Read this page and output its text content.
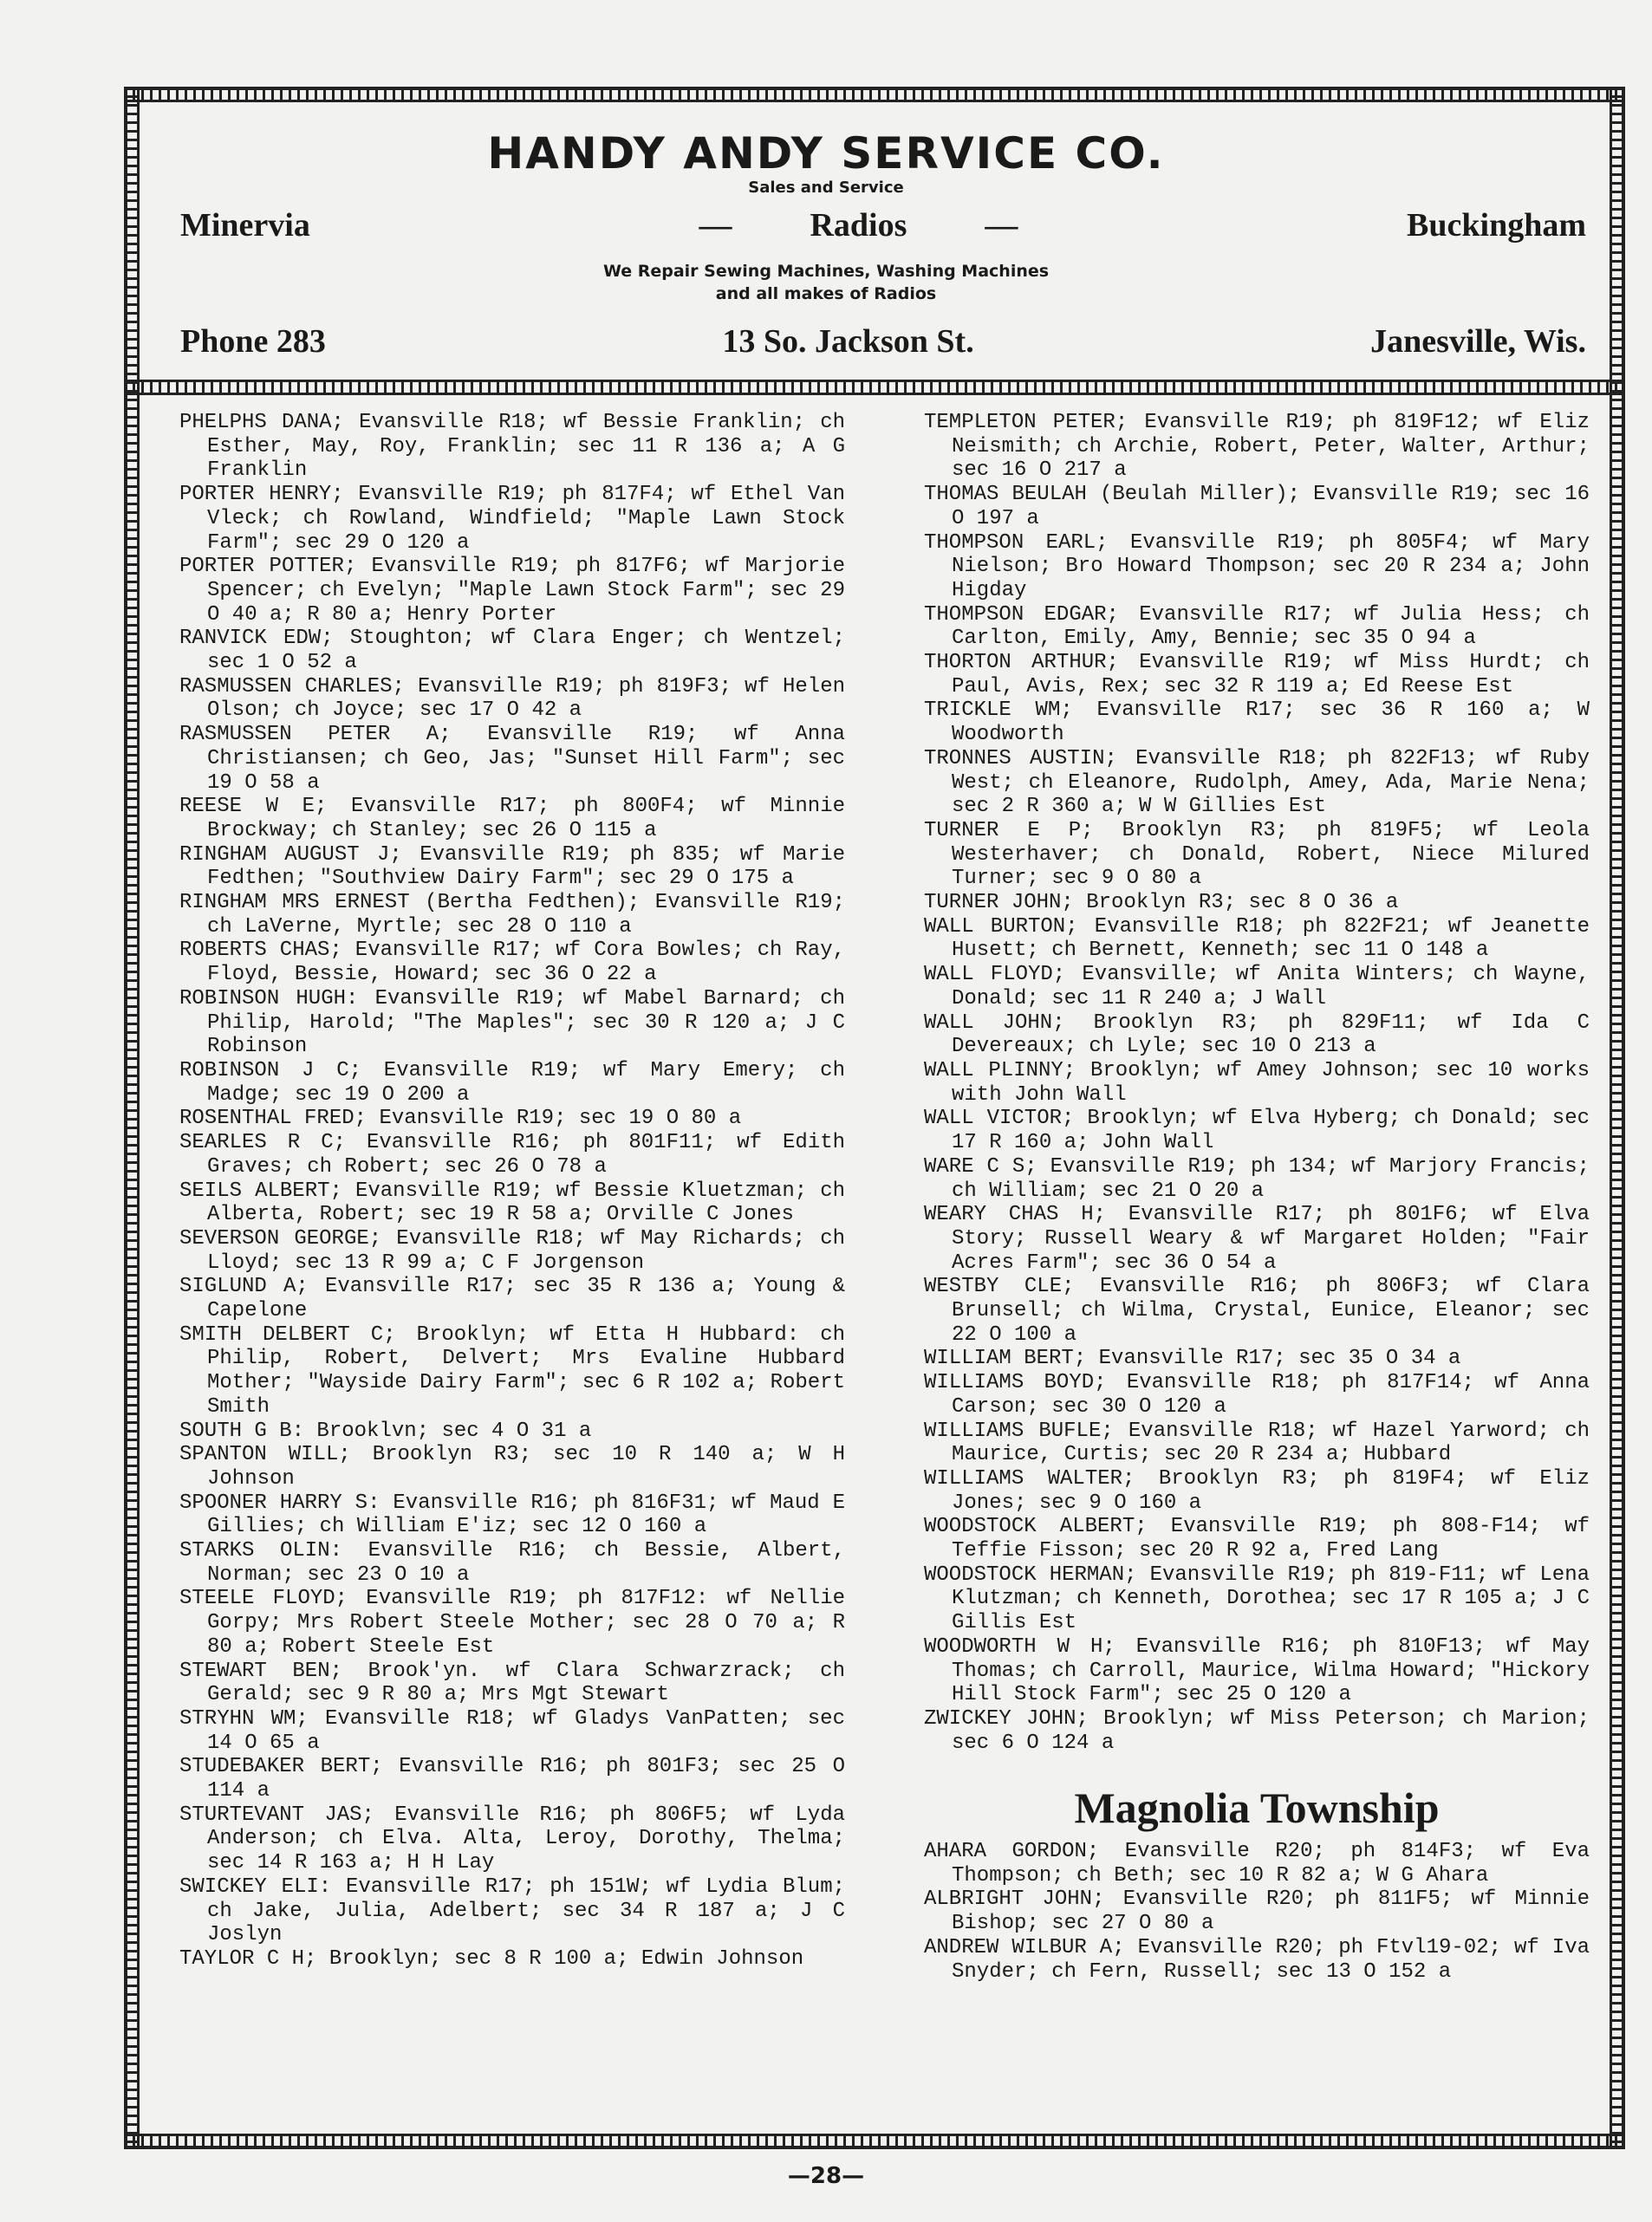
HANDY ANDY SERVICE CO.
Sales and Service
Minervia	— Radios —	Buckingham
We Repair Sewing Machines, Washing Machines
and all makes of Radios
Phone 283	13 So. Jackson St.	Janesville, Wis.

PHELPHS DANA; Evansville R18; wf Bessie Franklin; ch Esther, May, Roy, Franklin; sec 11 R 136 a; A G Franklin

PORTER HENRY; Evansville R19; ph 817F4; wf Ethel Van Vleck; ch Rowland, Windfield; "Maple Lawn Stock Farm"; sec 29 O 120 a

PORTER POTTER; Evansville R19; ph 817F6; wf Marjorie Spencer; ch Evelyn; "Maple Lawn Stock Farm"; sec 29 O 40 a; R 80 a; Henry Porter

RANVICK EDW; Stoughton; wf Clara Enger; ch Wentzel; sec 1 O 52 a

RASMUSSEN CHARLES; Evansville R19; ph 819F3; wf Helen Olson; ch Joyce; sec 17 O 42 a

RASMUSSEN PETER A; Evansville R19; wf Anna Christiansen; ch Geo, Jas; "Sunset Hill Farm"; sec 19 O 58 a

REESE W E; Evansville R17; ph 800F4; wf Minnie Brockway; ch Stanley; sec 26 O 115 a

RINGHAM AUGUST J; Evansville R19; ph 835; wf Marie Fedthen; "Southview Dairy Farm"; sec 29 O 175 a

RINGHAM MRS ERNEST (Bertha Fedthen); Evansville R19; ch LaVerne, Myrtle; sec 28 O 110 a

ROBERTS CHAS; Evansville R17; wf Cora Bowles; ch Ray, Floyd, Bessie, Howard; sec 36 O 22 a

ROBINSON HUGH: Evansville R19; wf Mabel Barnard; ch Philip, Harold; "The Maples"; sec 30 R 120 a; J C Robinson

ROBINSON J C; Evansville R19; wf Mary Emery; ch Madge; sec 19 O 200 a

ROSENTHAL FRED; Evansville R19; sec 19 O 80 a

SEARLES R C; Evansville R16; ph 801F11; wf Edith Graves; ch Robert; sec 26 O 78 a

SEILS ALBERT; Evansville R19; wf Bessie Kluetzman; ch Alberta, Robert; sec 19 R 58 a; Orville C Jones

SEVERSON GEORGE; Evansville R18; wf May Richards; ch Lloyd; sec 13 R 99 a; C F Jorgenson

SIGLUND A; Evansville R17; sec 35 R 136 a; Young & Capelone

SMITH DELBERT C; Brooklyn; wf Etta H Hubbard: ch Philip, Robert, Delvert; Mrs Evaline Hubbard Mother; "Wayside Dairy Farm"; sec 6 R 102 a; Robert Smith

SOUTH G B: Brooklvn; sec 4 O 31 a

SPANTON WILL; Brooklyn R3; sec 10 R 140 a; W H Johnson

SPOONER HARRY S: Evansville R16; ph 816F31; wf Maud E Gillies; ch William E'iz; sec 12 O 160 a

STARKS OLIN: Evansville R16; ch Bessie, Albert, Norman; sec 23 O 10 a

STEELE FLOYD; Evansville R19; ph 817F12: wf Nellie Gorpy; Mrs Robert Steele Mother; sec 28 O 70 a; R 80 a; Robert Steele Est

STEWART BEN; Brook'yn. wf Clara Schwarzrack; ch Gerald; sec 9 R 80 a; Mrs Mgt Stewart

STRYHN WM; Evansville R18; wf Gladys VanPatten; sec 14 O 65 a

STUDEBAKER BERT; Evansville R16; ph 801F3; sec 25 O 114 a

STURTEVANT JAS; Evansville R16; ph 806F5; wf Lyda Anderson; ch Elva. Alta, Leroy, Dorothy, Thelma; sec 14 R 163 a; H H Lay

SWICKEY ELI: Evansville R17; ph 151W; wf Lydia Blum; ch Jake, Julia, Adelbert; sec 34 R 187 a; J C Joslyn

TAYLOR C H; Brooklyn; sec 8 R 100 a; Edwin Johnson

TEMPLETON PETER; Evansville R19; ph 819F12; wf Eliz Neismith; ch Archie, Robert, Peter, Walter, Arthur; sec 16 O 217 a

THOMAS BEULAH (Beulah Miller); Evansville R19; sec 16 O 197 a

THOMPSON EARL; Evansville R19; ph 805F4; wf Mary Nielson; Bro Howard Thompson; sec 20 R 234 a; John Higday

THOMPSON EDGAR; Evansville R17; wf Julia Hess; ch Carlton, Emily, Amy, Bennie; sec 35 O 94 a

THORTON ARTHUR; Evansville R19; wf Miss Hurdt; ch Paul, Avis, Rex; sec 32 R 119 a; Ed Reese Est

TRICKLE WM; Evansville R17; sec 36 R 160 a; W Woodworth

TRONNES AUSTIN; Evansville R18; ph 822F13; wf Ruby West; ch Eleanore, Rudolph, Amey, Ada, Marie Nena; sec 2 R 360 a; W W Gillies Est

TURNER E P; Brooklyn R3; ph 819F5; wf Leola Westerhaver; ch Donald, Robert, Niece Milured Turner; sec 9 O 80 a

TURNER JOHN; Brooklyn R3; sec 8 O 36 a

WALL BURTON; Evansville R18; ph 822F21; wf Jeanette Husett; ch Bernett, Kenneth; sec 11 O 148 a

WALL FLOYD; Evansville; wf Anita Winters; ch Wayne, Donald; sec 11 R 240 a; J Wall

WALL JOHN; Brooklyn R3; ph 829F11; wf Ida C Devereaux; ch Lyle; sec 10 O 213 a

WALL PLINNY; Brooklyn; wf Amey Johnson; sec 10 works with John Wall

WALL VICTOR; Brooklyn; wf Elva Hyberg; ch Donald; sec 17 R 160 a; John Wall

WARE C S; Evansville R19; ph 134; wf Marjory Francis; ch William; sec 21 O 20 a

WEARY CHAS H; Evansville R17; ph 801F6; wf Elva Story; Russell Weary & wf Margaret Holden; "Fair Acres Farm"; sec 36 O 54 a

WESTBY CLE; Evansville R16; ph 806F3; wf Clara Brunsell; ch Wilma, Crystal, Eunice, Eleanor; sec 22 O 100 a

WILLIAM BERT; Evansville R17; sec 35 O 34 a

WILLIAMS BOYD; Evansville R18; ph 817F14; wf Anna Carson; sec 30 O 120 a

WILLIAMS BUFLE; Evansville R18; wf Hazel Yarword; ch Maurice, Curtis; sec 20 R 234 a; Hubbard

WILLIAMS WALTER; Brooklyn R3; ph 819F4; wf Eliz Jones; sec 9 O 160 a

WOODSTOCK ALBERT; Evansville R19; ph 808-F14; wf Teffie Fisson; sec 20 R 92 a, Fred Lang

WOODSTOCK HERMAN; Evansville R19; ph 819-F11; wf Lena Klutzman; ch Kenneth, Dorothea; sec 17 R 105 a; J C Gillis Est

WOODWORTH W H; Evansville R16; ph 810F13; wf May Thomas; ch Carroll, Maurice, Wilma Howard; "Hickory Hill Stock Farm"; sec 25 O 120 a

ZWICKEY JOHN; Brooklyn; wf Miss Peterson; ch Marion; sec 6 O 124 a

Magnolia Township

AHARA GORDON; Evansville R20; ph 814F3; wf Eva Thompson; ch Beth; sec 10 R 82 a; W G Ahara

ALBRIGHT JOHN; Evansville R20; ph 811F5; wf Minnie Bishop; sec 27 O 80 a

ANDREW WILBUR A; Evansville R20; ph Ftvl19-02; wf Iva Snyder; ch Fern, Russell; sec 13 O 152 a

—28—
